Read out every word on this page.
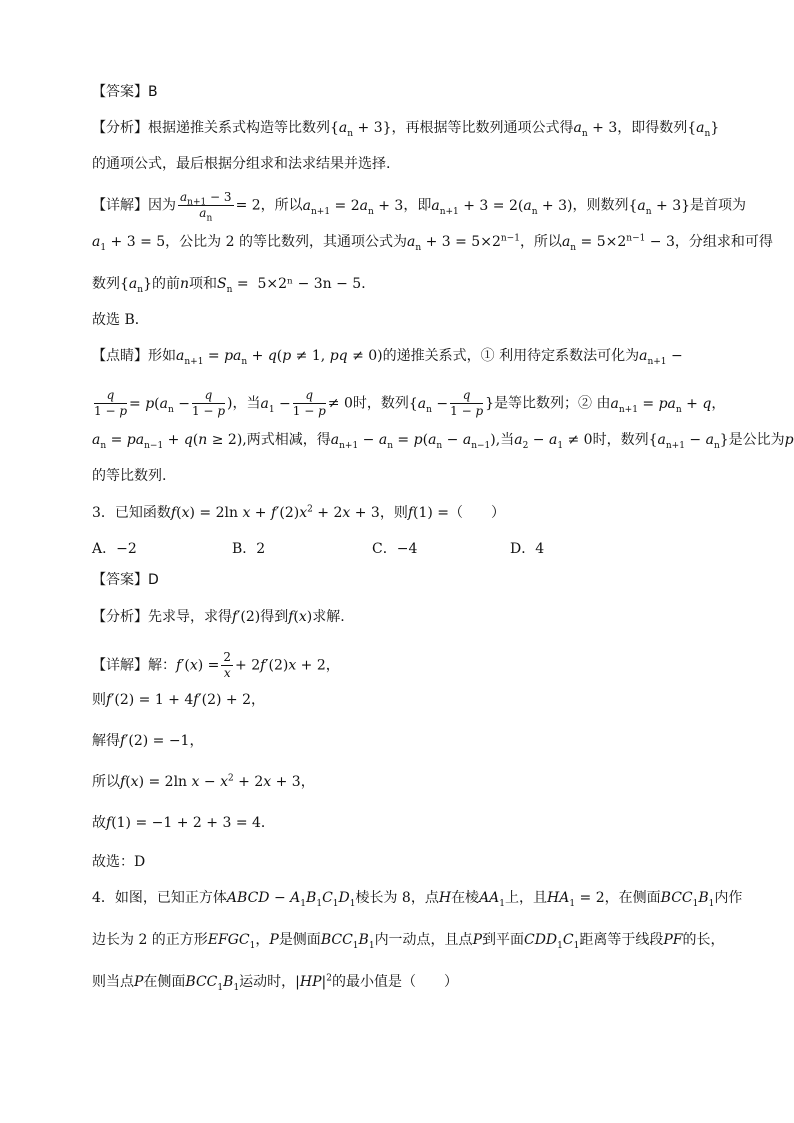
【答案】B
【分析】根据递推关系式构造等比数列$\{a_n + 3\}$，再根据等比数列通项公式得$a_n + 3$，即得数列$\{a_n\}$
的通项公式，最后根据分组求和法求结果并选择.
【详解】因为 $\frac{a_{n+1} - 3}{a_n} = 2$，所以$a_{n+1} = 2a_n + 3$，即$a_{n+1} + 3 = 2(a_n + 3)$，则数列$\{a_n + 3\}$是首项为
$a_1 + 3 = 5$，公比为 2 的等比数列，其通项公式为$a_n + 3 = 5\times 2^{n-1}$，所以$a_n = 5\times 2^{n-1} - 3$，分组求和可得
数列$\{a_n\}$的前n项和$S_n = 5\times 2^n - 3n - 5$．
故选 B．
【点睛】形如$a_{n+1} = pa_n + q(p \ne 1$, pq ≠ 0)的递推关系式，① 利用待定系数法可化为$a_{n+1}$ −
$\frac{q}{1 - p} = p(a_n - \frac{q}{1 - p}$ )，当$a_1 - \frac{q}{1 - p} \ne 0$时，数列{$a_n - \frac{q}{1 - p}$ }是等比数列；② 由$a_{n+1} = pa_n + q$，
$a_n = pa_{n-1} + q(n \ge 2)$,两式相减，得$a_{n+1} - a_n = p(a_n - a_{n-1})$,当$a_2 - a_1 \ne 0$时，数列$\{a_{n+1} - a_n\}$是公比为p
的等比数列.
3．已知函数f(x) = 2ln $x + f'(2)x^2 + 2x + 3$，则f(1) =（　　）
A．−2	B．2	C．−4	D．4
【答案】D
【分析】先求导，求得f′(2)得到f(x)求解.
【详解】解：$f'(x) = \frac{2}{x} + 2f'(2)x + 2$，
则f′(2) = 1 + 4f′(2) + 2，
解得f′(2) = −1，
所以f(x) = 2ln $x - x^2 + 2x + 3$，
故f(1) = −1 + 2 + 3 = 4．
故选：D
4．如图，已知正方体ABCD − $A_1B_1C_1D_1$棱长为 8，点H在棱$AA_1$上，且$HA_1 = 2$，在侧面$BCC_1B_1$内作
边长为 2 的正方形$EFGC_1$，P是侧面$BCC_1B_1$内一动点，且点P到平面$CDD_1C_1$距离等于线段PF的长，
则当点P在侧面$BCC_1B_1$运动时，$|HP|^2$的最小值是（　　）
